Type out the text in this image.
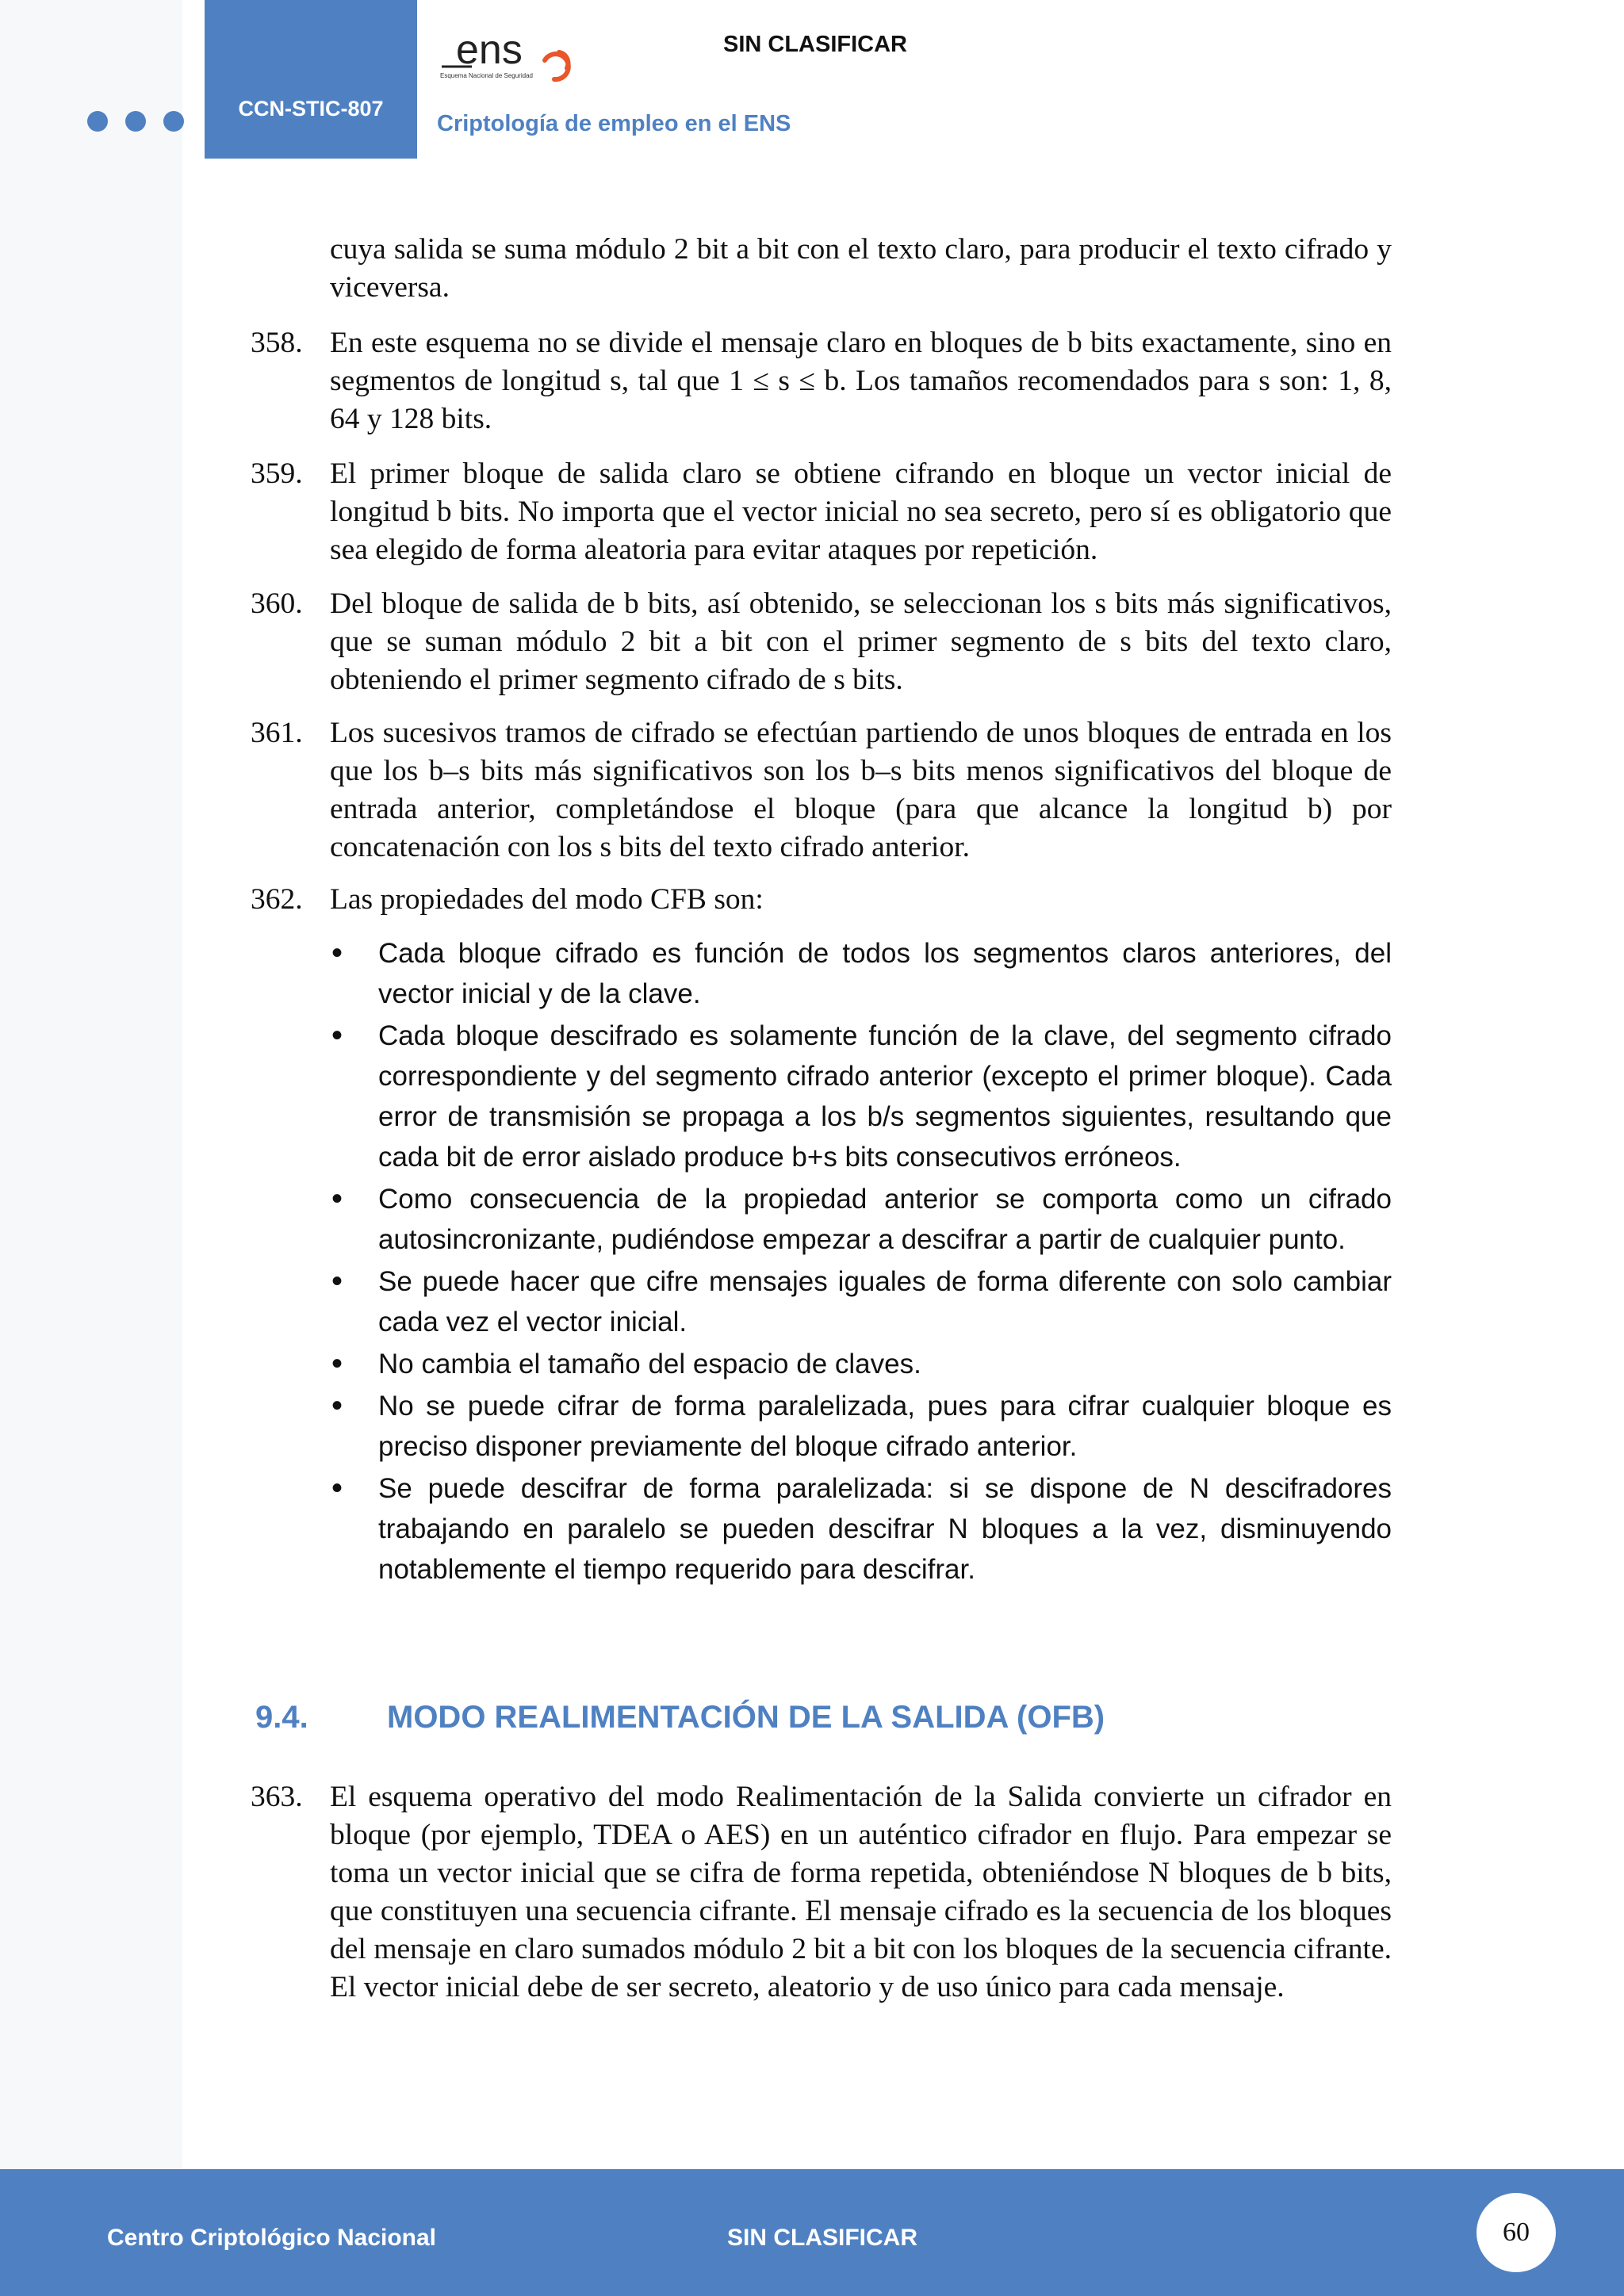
CCN-STIC-807
ens
Esquema Nacional de Seguridad
SIN CLASIFICAR
Criptología de empleo en el ENS
cuya salida se suma módulo 2 bit a bit con el texto claro, para producir el texto cifrado y viceversa.
358. En este esquema no se divide el mensaje claro en bloques de b bits exactamente, sino en segmentos de longitud s, tal que 1 ≤ s ≤ b. Los tamaños recomendados para s son: 1, 8, 64 y 128 bits.
359. El primer bloque de salida claro se obtiene cifrando en bloque un vector inicial de longitud b bits. No importa que el vector inicial no sea secreto, pero sí es obligatorio que sea elegido de forma aleatoria para evitar ataques por repetición.
360. Del bloque de salida de b bits, así obtenido, se seleccionan los s bits más significativos, que se suman módulo 2 bit a bit con el primer segmento de s bits del texto claro, obteniendo el primer segmento cifrado de s bits.
361. Los sucesivos tramos de cifrado se efectúan partiendo de unos bloques de entrada en los que los b–s bits más significativos son los b–s bits menos significativos del bloque de entrada anterior, completándose el bloque (para que alcance la longitud b) por concatenación con los s bits del texto cifrado anterior.
362. Las propiedades del modo CFB son:
• Cada bloque cifrado es función de todos los segmentos claros anteriores, del vector inicial y de la clave.
• Cada bloque descifrado es solamente función de la clave, del segmento cifrado correspondiente y del segmento cifrado anterior (excepto el primer bloque). Cada error de transmisión se propaga a los b/s segmentos siguientes, resultando que cada bit de error aislado produce b+s bits consecutivos erróneos.
• Como consecuencia de la propiedad anterior se comporta como un cifrado autosincronizante, pudiéndose empezar a descifrar a partir de cualquier punto.
• Se puede hacer que cifre mensajes iguales de forma diferente con solo cambiar cada vez el vector inicial.
• No cambia el tamaño del espacio de claves.
• No se puede cifrar de forma paralelizada, pues para cifrar cualquier bloque es preciso disponer previamente del bloque cifrado anterior.
• Se puede descifrar de forma paralelizada: si se dispone de N descifradores trabajando en paralelo se pueden descifrar N bloques a la vez, disminuyendo notablemente el tiempo requerido para descifrar.
9.4. MODO REALIMENTACIÓN DE LA SALIDA (OFB)
363. El esquema operativo del modo Realimentación de la Salida convierte un cifrador en bloque (por ejemplo, TDEA o AES) en un auténtico cifrador en flujo. Para empezar se toma un vector inicial que se cifra de forma repetida, obteniéndose N bloques de b bits, que constituyen una secuencia cifrante. El mensaje cifrado es la secuencia de los bloques del mensaje en claro sumados módulo 2 bit a bit con los bloques de la secuencia cifrante. El vector inicial debe de ser secreto, aleatorio y de uso único para cada mensaje.
Centro Criptológico Nacional	SIN CLASIFICAR	60
